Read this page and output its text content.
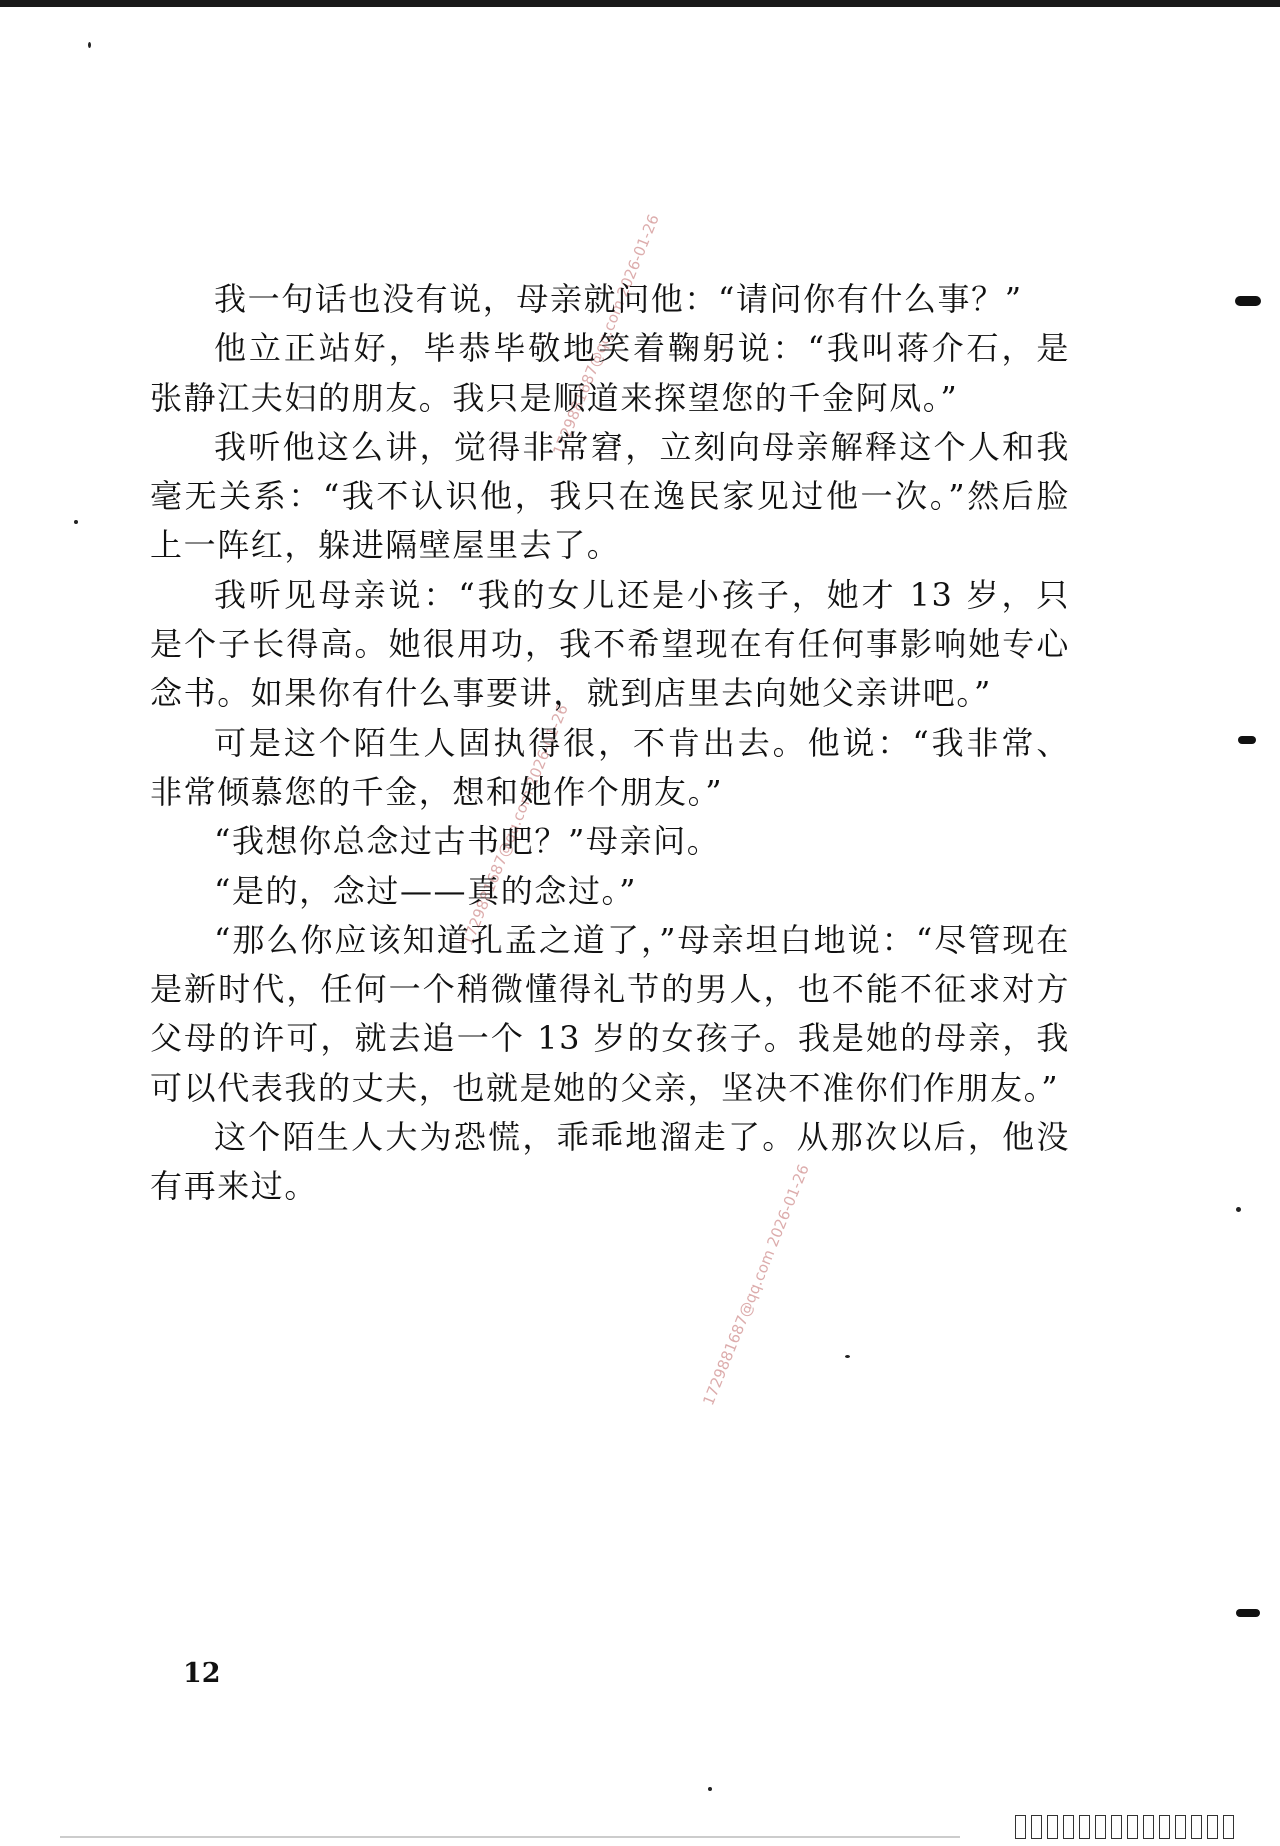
1729881687@qq.com 2026-01-26
1729881687@qq.com 2026-01-26
1729881687@qq.com 2026-01-26

我一句话也没有说，母亲就问他：“请问你有什么事？”

他立正站好，毕恭毕敬地笑着鞠躬说：“我叫蒋介石，是张静江夫妇的朋友。我只是顺道来探望您的千金阿凤。”

我听他这么讲，觉得非常窘，立刻向母亲解释这个人和我毫无关系：“我不认识他，我只在逸民家见过他一次。”然后脸上一阵红，躲进隔壁屋里去了。

我听见母亲说：“我的女儿还是小孩子，她才 13 岁，只是个子长得高。她很用功，我不希望现在有任何事影响她专心念书。如果你有什么事要讲，就到店里去向她父亲讲吧。”

可是这个陌生人固执得很，不肯出去。他说：“我非常、非常倾慕您的千金，想和她作个朋友。”

“我想你总念过古书吧？”母亲问。

“是的，念过——真的念过。”

“那么你应该知道孔孟之道了，”母亲坦白地说：“尽管现在是新时代，任何一个稍微懂得礼节的男人，也不能不征求对方父母的许可，就去追一个 13 岁的女孩子。我是她的母亲，我可以代表我的丈夫，也就是她的父亲，坚决不准你们作朋友。”

这个陌生人大为恐慌，乖乖地溜走了。从那次以后，他没有再来过。

12
